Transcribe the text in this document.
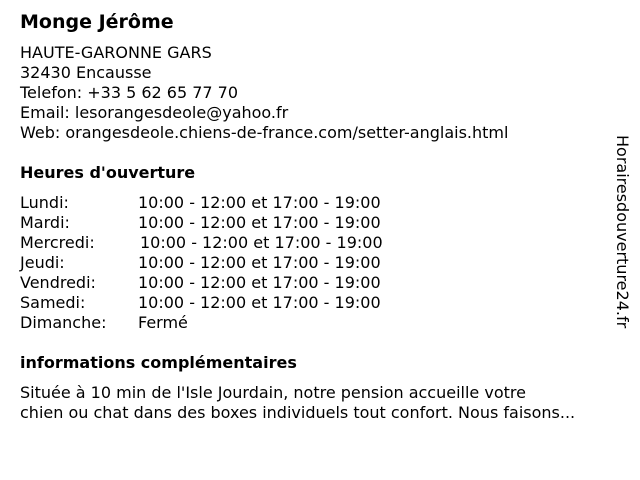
Monge Jérôme
HAUTE-GARONNE GARS
32430 Encausse
Telefon: +33 5 62 65 77 70
Email: lesorangesdeole@yahoo.fr
Web: orangesdeole.chiens-de-france.com/setter-anglais.html
Heures d'ouverture
Lundi:	10:00 - 12:00 et 17:00 - 19:00
Mardi:	10:00 - 12:00 et 17:00 - 19:00
Mercredi:	10:00 - 12:00 et 17:00 - 19:00
Jeudi:	10:00 - 12:00 et 17:00 - 19:00
Vendredi:	10:00 - 12:00 et 17:00 - 19:00
Samedi:	10:00 - 12:00 et 17:00 - 19:00
Dimanche: Fermé
informations complémentaires
Située à 10 min de l'Isle Jourdain, notre pension accueille votre
chien ou chat dans des boxes individuels tout confort. Nous faisons...
Horairesdouverture24.fr
